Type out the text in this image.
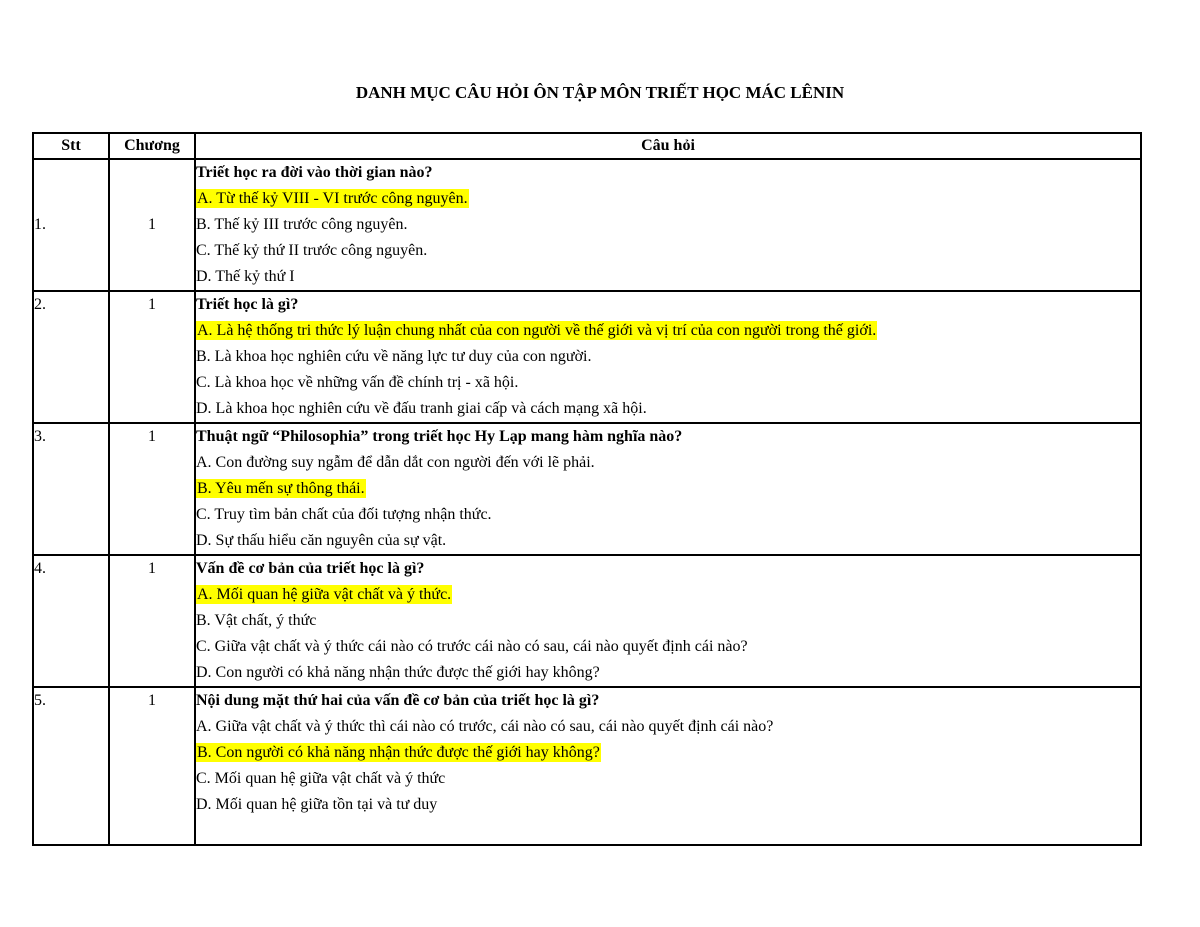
DANH MỤC CÂU HỎI ÔN TẬP MÔN TRIẾT HỌC MÁC LÊNIN
Stt	Chương	Câu hỏi
1.	1	Triết học ra đời vào thời gian nào?
A. Từ thế kỷ VIII - VI trước công nguyên.
B. Thế kỷ III trước công nguyên.
C. Thế kỷ thứ II trước công nguyên.
D. Thế kỷ thứ I

2.	1	Triết học là gì?
A. Là hệ thống tri thức lý luận chung nhất của con người về thế giới và vị trí của con người trong thế giới.
B. Là khoa học nghiên cứu về năng lực tư duy của con người.
C. Là khoa học về những vấn đề chính trị - xã hội.
D. Là khoa học nghiên cứu về đấu tranh giai cấp và cách mạng xã hội.

3.	1	Thuật ngữ “Philosophia” trong triết học Hy Lạp mang hàm nghĩa nào?
A. Con đường suy ngẫm để dẫn dắt con người đến với lẽ phải.
B. Yêu mến sự thông thái.
C. Truy tìm bản chất của đối tượng nhận thức.
D. Sự thấu hiểu căn nguyên của sự vật.

4.	1	Vấn đề cơ bản của triết học là gì?
A. Mối quan hệ giữa vật chất và ý thức.
B. Vật chất, ý thức
C. Giữa vật chất và ý thức cái nào có trước cái nào có sau, cái nào quyết định cái nào?
D. Con người có khả năng nhận thức được thế giới hay không?

5.	1	Nội dung mặt thứ hai của vấn đề cơ bản của triết học là gì?
A. Giữa vật chất và ý thức thì cái nào có trước, cái nào có sau, cái nào quyết định cái nào?
B. Con người có khả năng nhận thức được thế giới hay không?
C. Mối quan hệ giữa vật chất và ý thức
D. Mối quan hệ giữa tồn tại và tư duy
